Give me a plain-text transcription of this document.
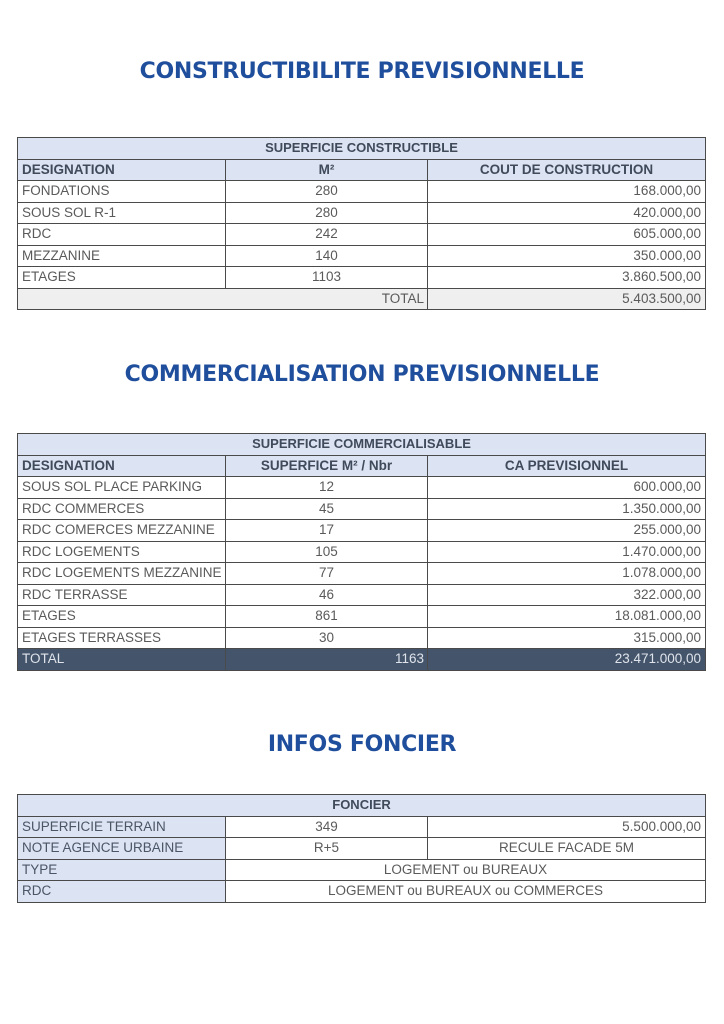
CONSTRUCTIBILITE PREVISIONNELLE
SUPERFICIE CONSTRUCTIBLE		
DESIGNATION	M²	COUT DE CONSTRUCTION
FONDATIONS	280	168.000,00
SOUS SOL R-1	280	420.000,00
RDC	242	605.000,00
MEZZANINE	140	350.000,00
ETAGES	1103	3.860.500,00
TOTAL		5.403.500,00
COMMERCIALISATION PREVISIONNELLE
SUPERFICIE COMMERCIALISABLE		
DESIGNATION	SUPERFICE M² / Nbr	CA PREVISIONNEL
SOUS SOL PLACE PARKING	12	600.000,00
RDC COMMERCES	45	1.350.000,00
RDC COMERCES MEZZANINE	17	255.000,00
RDC LOGEMENTS	105	1.470.000,00
RDC LOGEMENTS MEZZANINE	77	1.078.000,00
RDC TERRASSE	46	322.000,00
ETAGES	861	18.081.000,00
ETAGES TERRASSES	30	315.000,00
TOTAL	1163	23.471.000,00
INFOS FONCIER
FONCIER		
SUPERFICIE TERRAIN	349	5.500.000,00
NOTE AGENCE URBAINE	R+5	RECULE FACADE 5M
TYPE	LOGEMENT ou BUREAUX	
RDC	LOGEMENT ou BUREAUX ou COMMERCES	
